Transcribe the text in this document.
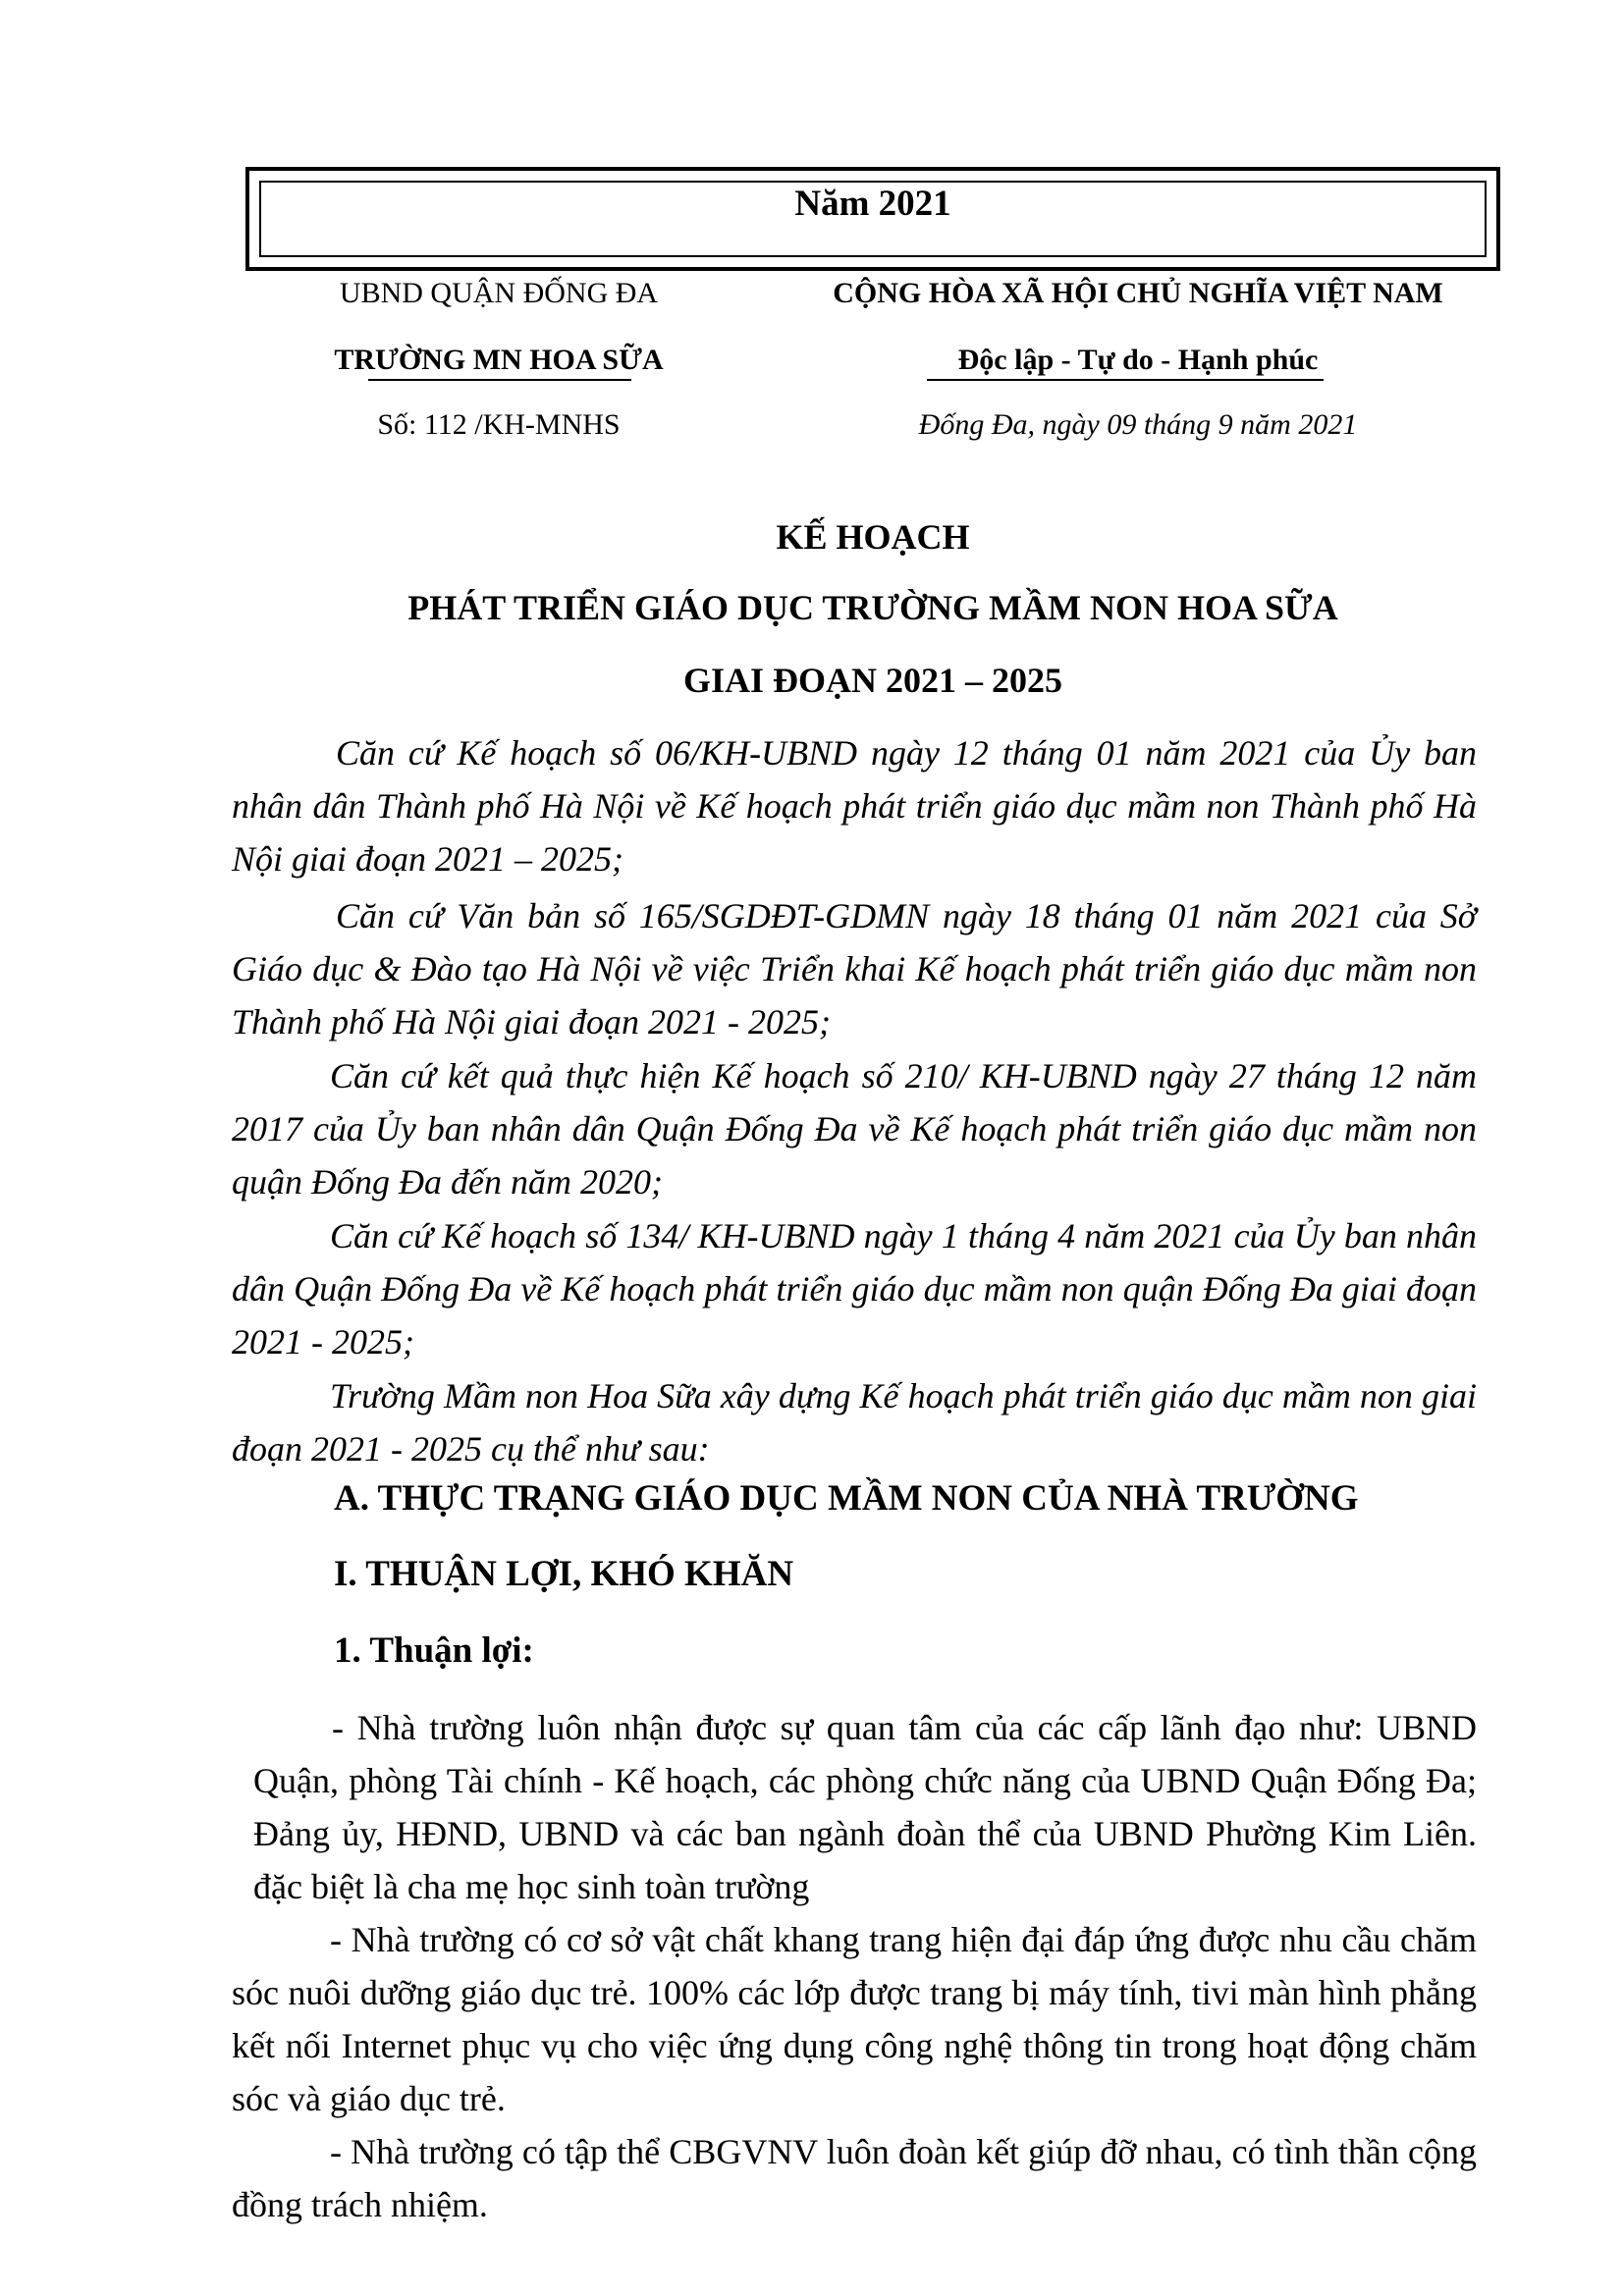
Năm 2021
UBND QUẬN ĐỐNG ĐA
TRƯỜNG MN HOA SỮA
Số: 112 /KH-MNHS
CỘNG HÒA XÃ HỘI CHỦ NGHĨA VIỆT NAM
Độc lập - Tự do - Hạnh phúc
Đống Đa, ngày 09 tháng 9 năm 2021
KẾ HOẠCH
PHÁT TRIỂN GIÁO DỤC TRƯỜNG MẦM NON HOA SỮA
GIAI ĐOẠN 2021 – 2025

Căn cứ Kế hoạch số 06/KH-UBND ngày 12 tháng 01 năm 2021 của Ủy ban nhân dân Thành phố Hà Nội về Kế hoạch phát triển giáo dục mầm non Thành phố Hà Nội giai đoạn 2021 – 2025;

Căn cứ Văn bản số 165/SGDĐT-GDMN ngày 18 tháng 01 năm 2021 của Sở Giáo dục & Đào tạo Hà Nội về việc Triển khai Kế hoạch phát triển giáo dục mầm non Thành phố Hà Nội giai đoạn 2021 - 2025;

Căn cứ kết quả thực hiện Kế hoạch số 210/ KH-UBND ngày 27 tháng 12 năm 2017 của Ủy ban nhân dân Quận Đống Đa về Kế hoạch phát triển giáo dục mầm non quận Đống Đa đến năm 2020;

Căn cứ Kế hoạch số 134/ KH-UBND ngày 1 tháng 4 năm 2021 của Ủy ban nhân dân Quận Đống Đa về Kế hoạch phát triển giáo dục mầm non quận Đống Đa giai đoạn 2021 - 2025;

Trường Mầm non Hoa Sữa xây dựng Kế hoạch phát triển giáo dục mầm non giai đoạn 2021 - 2025 cụ thể như sau:

A. THỰC TRẠNG GIÁO DỤC MẦM NON CỦA NHÀ TRƯỜNG
I. THUẬN LỢI, KHÓ KHĂN
1. Thuận lợi:

- Nhà trường luôn nhận được sự quan tâm của các cấp lãnh đạo như: UBND Quận, phòng Tài chính - Kế hoạch, các phòng chức năng của UBND Quận Đống Đa; Đảng ủy, HĐND, UBND và các ban ngành đoàn thể của UBND Phường Kim Liên. đặc biệt là cha mẹ học sinh toàn trường

- Nhà trường có cơ sở vật chất khang trang hiện đại đáp ứng được nhu cầu chăm sóc nuôi dưỡng giáo dục trẻ. 100% các lớp được trang bị máy tính, tivi màn hình phẳng kết nối Internet phục vụ cho việc ứng dụng công nghệ thông tin trong hoạt động chăm sóc và giáo dục trẻ.

- Nhà trường có tập thể CBGVNV luôn đoàn kết giúp đỡ nhau, có tình thần cộng đồng trách nhiệm.
